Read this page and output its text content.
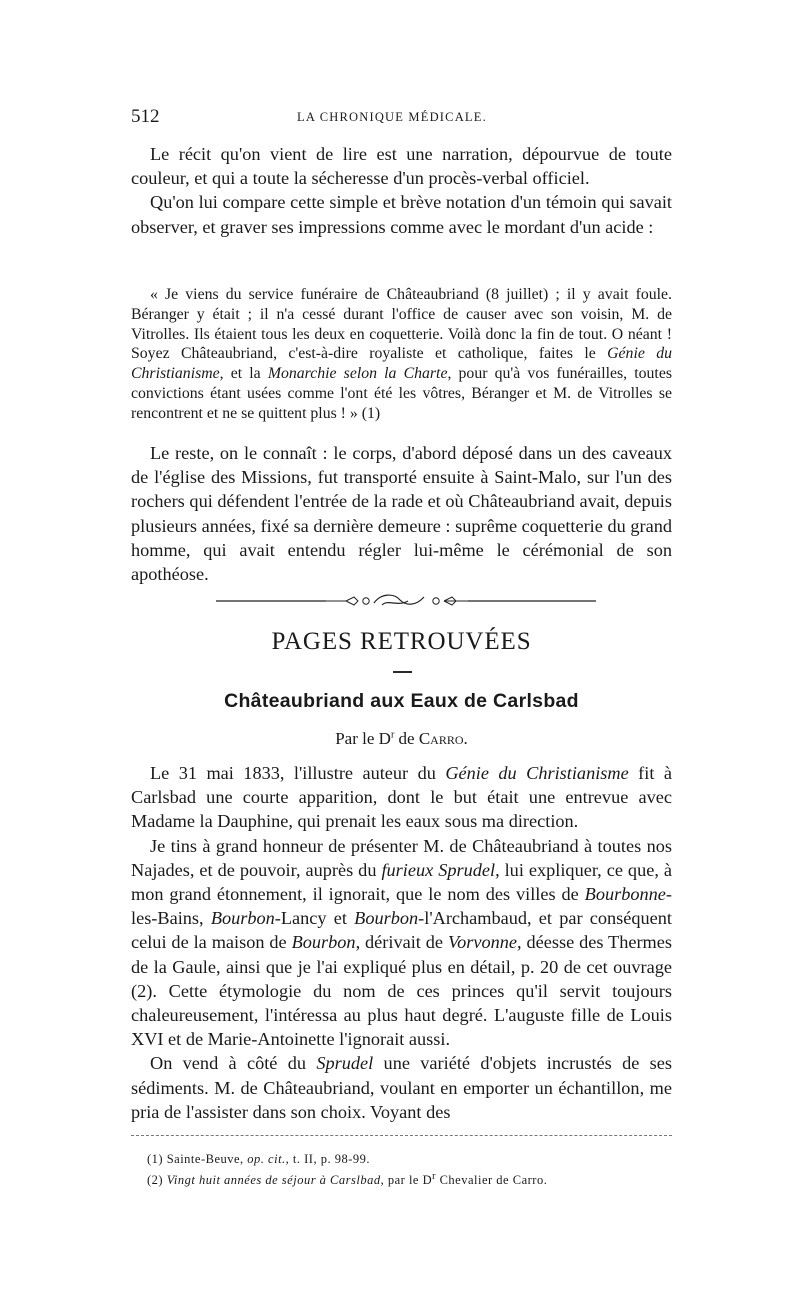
512	LA CHRONIQUE MÉDICALE.

Le récit qu'on vient de lire est une narration, dépourvue de toute couleur, et qui a toute la sécheresse d'un procès-verbal officiel.

Qu'on lui compare cette simple et brève notation d'un témoin qui savait observer, et graver ses impressions comme avec le mordant d'un acide :

« Je viens du service funéraire de Châteaubriand (8 juillet) ; il y avait foule. Béranger y était ; il n'a cessé durant l'office de causer avec son voisin, M. de Vitrolles. Ils étaient tous les deux en coquetterie. Voilà donc la fin de tout. O néant ! Soyez Châteaubriand, c'est-à-dire royaliste et catholique, faites le Génie du Christianisme, et la Monarchie selon la Charte, pour qu'à vos funérailles, toutes convictions étant usées comme l'ont été les vôtres, Béranger et M. de Vitrolles se rencontrent et ne se quittent plus ! » (1)

Le reste, on le connaît : le corps, d'abord déposé dans un des caveaux de l'église des Missions, fut transporté ensuite à Saint-Malo, sur l'un des rochers qui défendent l'entrée de la rade et où Châteaubriand avait, depuis plusieurs années, fixé sa dernière demeure : suprême coquetterie du grand homme, qui avait entendu régler lui-même le cérémonial de son apothéose.

PAGES RETROUVÉES
Châteaubriand aux Eaux de Carlsbad
Par le $D^r$ de Carro.

Le 31 mai 1833, l'illustre auteur du Génie du Christianisme fit à Carlsbad une courte apparition, dont le but était une entrevue avec Madame la Dauphine, qui prenait les eaux sous ma direction.

Je tins à grand honneur de présenter M. de Châteaubriand à toutes nos Najades, et de pouvoir, auprès du furieux Sprudel, lui expliquer, ce que, à mon grand étonnement, il ignorait, que le nom des villes de Bourbonne-les-Bains, Bourbon-Lancy et Bourbon-l'Archambaud, et par conséquent celui de la maison de Bourbon, dérivait de Vorvonne, déesse des Thermes de la Gaule, ainsi que je l'ai expliqué plus en détail, p. 20 de cet ouvrage (2). Cette étymologie du nom de ces princes qu'il servit toujours chaleureusement, l'intéressa au plus haut degré. L'auguste fille de Louis XVI et de Marie-Antoinette l'ignorait aussi.

On vend à côté du Sprudel une variété d'objets incrustés de ses sédiments. M. de Châteaubriand, voulant en emporter un échantillon, me pria de l'assister dans son choix. Voyant des

(1) Sainte-Beuve, op. cit., t. II, p. 98-99.
(2) Vingt huit années de séjour à Carslbad, par le $D^r$ Chevalier de Carro.
